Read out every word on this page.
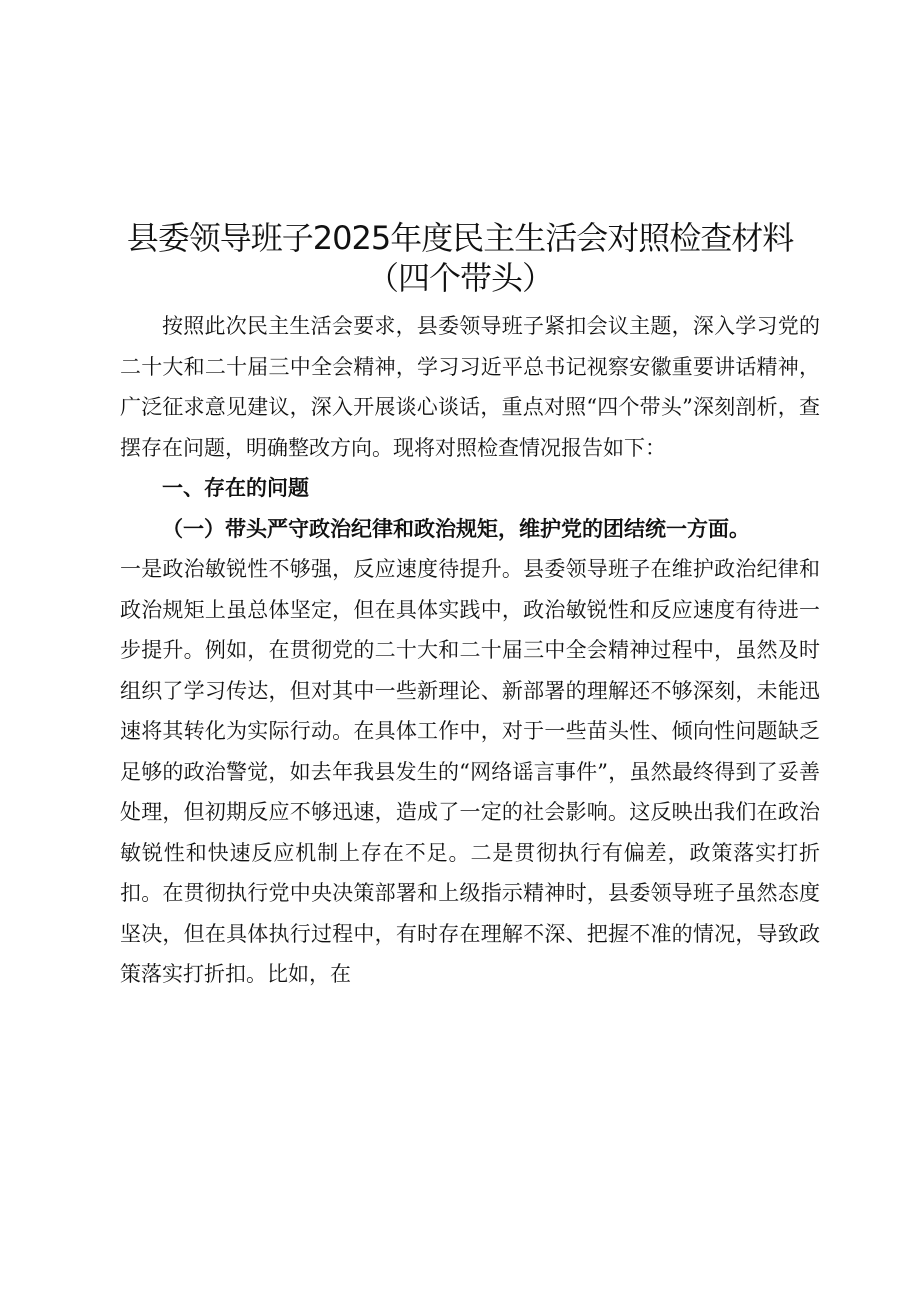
县委领导班子2025年度民主生活会对照检查材料
（四个带头）

按照此次民主生活会要求，县委领导班子紧扣会议主题，深入学习党的二十大和二十届三中全会精神，学习习近平总书记视察安徽重要讲话精神，广泛征求意见建议，深入开展谈心谈话，重点对照“四个带头”深刻剖析，查摆存在问题，明确整改方向。现将对照检查情况报告如下：

一、存在的问题

（一）带头严守政治纪律和政治规矩，维护党的团结统一方面。

一是政治敏锐性不够强，反应速度待提升。县委领导班子在维护政治纪律和政治规矩上虽总体坚定，但在具体实践中，政治敏锐性和反应速度有待进一步提升。例如，在贯彻党的二十大和二十届三中全会精神过程中，虽然及时组织了学习传达，但对其中一些新理论、新部署的理解还不够深刻，未能迅速将其转化为实际行动。在具体工作中，对于一些苗头性、倾向性问题缺乏足够的政治警觉，如去年我县发生的“网络谣言事件”，虽然最终得到了妥善处理，但初期反应不够迅速，造成了一定的社会影响。这反映出我们在政治敏锐性和快速反应机制上存在不足。二是贯彻执行有偏差，政策落实打折扣。在贯彻执行党中央决策部署和上级指示精神时，县委领导班子虽然态度坚决，但在具体执行过程中，有时存在理解不深、把握不准的情况，导致政策落实打折扣。比如，在
